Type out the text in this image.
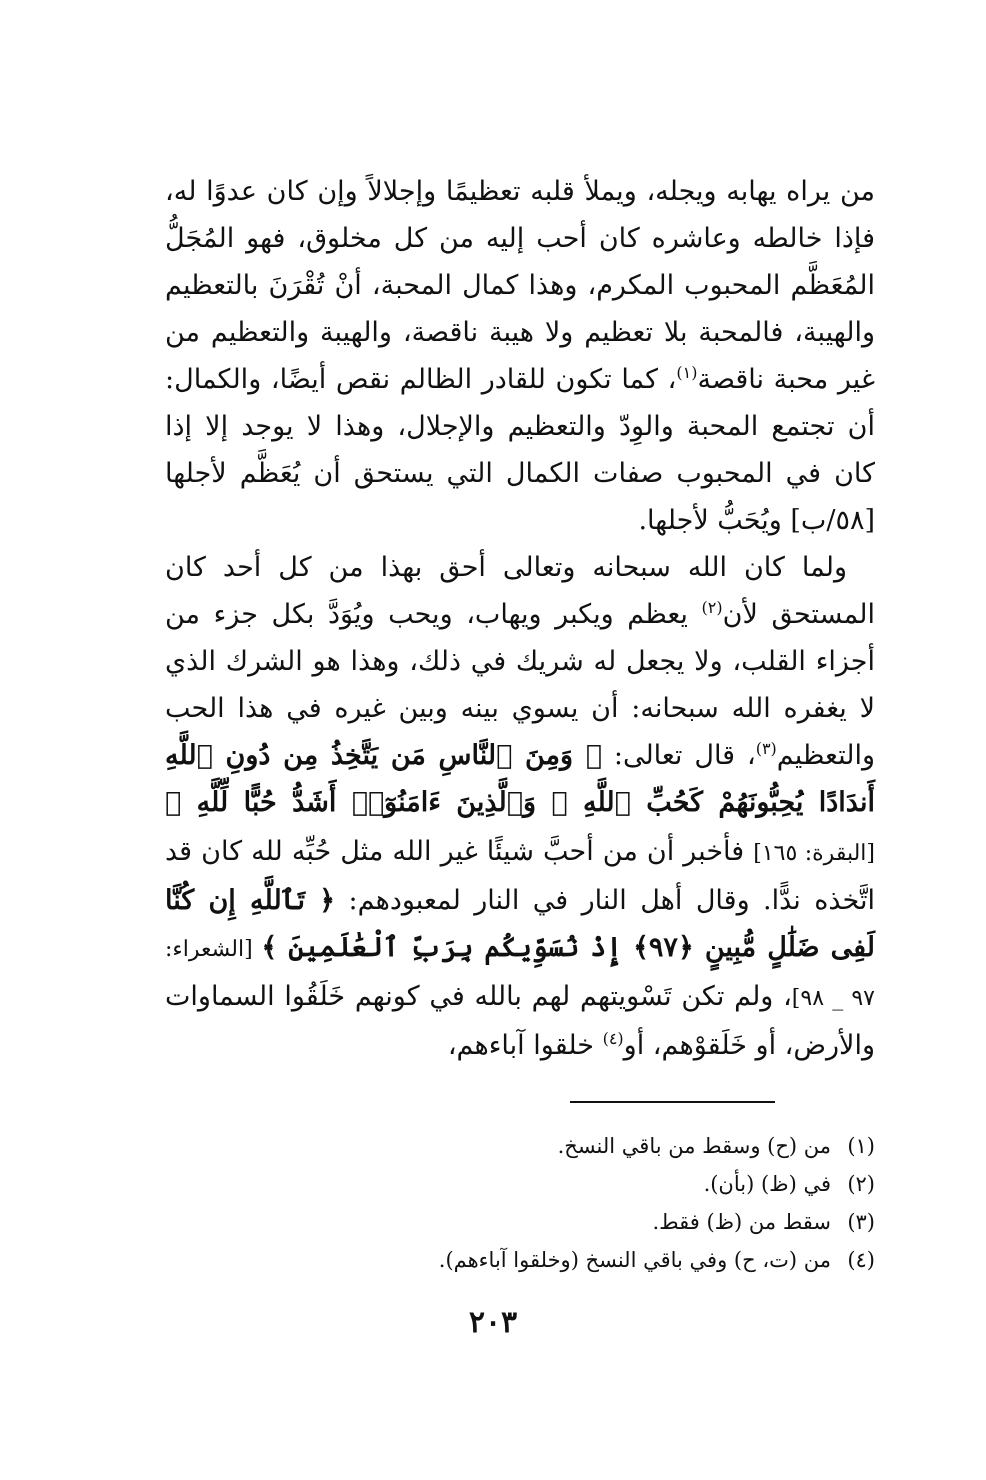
من يراه يهابه ويجله، ويملأ قلبه تعظيمًا وإجلالاً وإن كان عدوًا له، فإذا خالطه وعاشره كان أحب إليه من كل مخلوق، فهو المُجَلُّ المُعَظَّم المحبوب المكرم، وهذا كمال المحبة، أنْ تُقْرَنَ بالتعظيم والهيبة، فالمحبة بلا تعظيم ولا هيبة ناقصة، والهيبة والتعظيم من غير محبة ناقصة$^{(١)}$، كما تكون للقادر الظالم نقص أيضًا، والكمال: أن تجتمع المحبة والوِدّ والتعظيم والإجلال، وهذا لا يوجد إلا إذا كان في المحبوب صفات الكمال التي يستحق أن يُعَظَّم لأجلها [٥٨/ب] ويُحَبُّ لأجلها.

ولما كان الله سبحانه وتعالى أحق بهذا من كل أحد كان المستحق لأن$^{(٢)}$ يعظم ويكبر ويهاب، ويحب ويُوَدَّ بكل جزء من أجزاء القلب، ولا يجعل له شريك في ذلك، وهذا هو الشرك الذي لا يغفره الله سبحانه: أن يسوي بينه وبين غيره في هذا الحب والتعظيم$^{(٣)}$، قال تعالى: ﴿ وَمِنَ ٱلنَّاسِ مَن يَتَّخِذُ مِن دُونِ ٱللَّهِ أَندَادًا يُحِبُّونَهُمْ كَحُبِّ ٱللَّهِ ۖ وَٱلَّذِينَ ءَامَنُوٓا۟ أَشَدُّ حُبًّا لِّلَّهِ ﴾ [البقرة: ١٦٥] فأخبر أن من أحبَّ شيئًا غير الله مثل حُبِّه لله كان قد اتَّخذه ندًّا. وقال أهل النار في النار لمعبودهم: ﴿ تَٱللَّهِ إِن كُنَّا لَفِى ضَلَٰلٍ مُّبِينٍ ﴿٩٧﴾ إِذْ نُسَوِّيكُم بِرَبِّ ٱلْعَٰلَمِينَ ﴾ [الشعراء: ٩٧ _ ٩٨]، ولم تكن تَسْويتهم لهم بالله في كونهم خَلَقُوا السماوات والأرض، أو خَلَقوْهم، أو$^{(٤)}$ خلقوا آباءهم،

(١)من (ح) وسقط من باقي النسخ.
(٢)في (ظ) (بأن).
(٣)سقط من (ظ) فقط.
(٤)من (ت، ح) وفي باقي النسخ (وخلقوا آباءهم).
٢٠٣
